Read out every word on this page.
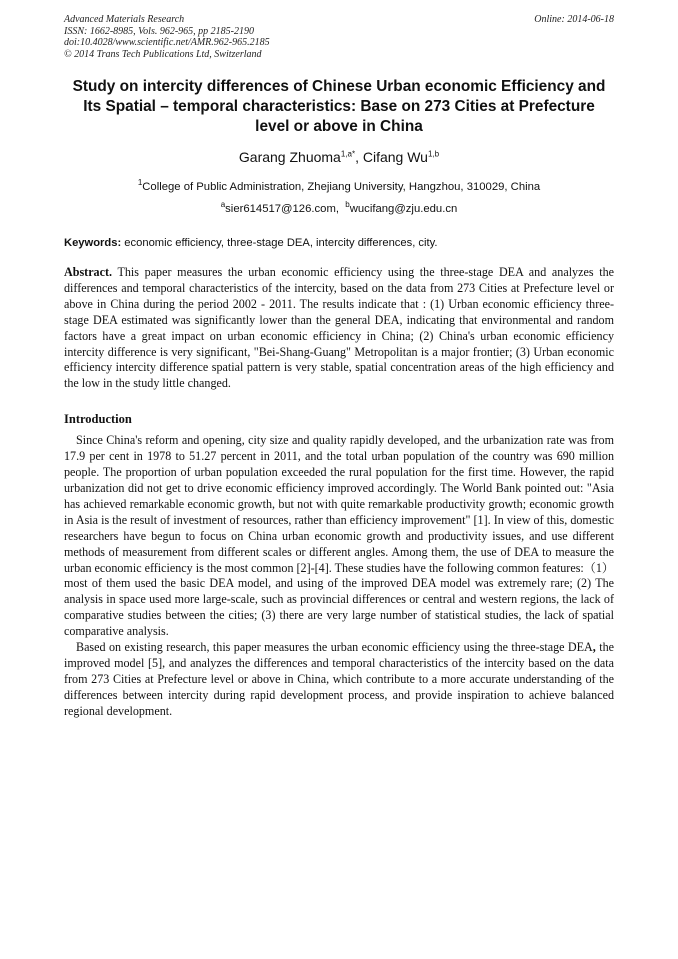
Advanced Materials Research
ISSN: 1662-8985, Vols. 962-965, pp 2185-2190
doi:10.4028/www.scientific.net/AMR.962-965.2185
© 2014 Trans Tech Publications Ltd, Switzerland
Online: 2014-06-18
Study on intercity differences of Chinese Urban economic Efficiency and Its Spatial – temporal characteristics: Base on 273 Cities at Prefecture level or above in China
Garang Zhuoma$^{1,a*}$, Cifang Wu$^{1,b}$
$^1$College of Public Administration, Zhejiang University, Hangzhou, 310029, China
$^a$sier614517@126.com, $^b$wucifang@zju.edu.cn
Keywords: economic efficiency, three-stage DEA, intercity differences, city.
Abstract. This paper measures the urban economic efficiency using the three-stage DEA and analyzes the differences and temporal characteristics of the intercity, based on the data from 273 Cities at Prefecture level or above in China during the period 2002 - 2011. The results indicate that : (1) Urban economic efficiency three-stage DEA estimated was significantly lower than the general DEA, indicating that environmental and random factors have a great impact on urban economic efficiency in China; (2) China's urban economic efficiency intercity difference is very significant, "Bei-Shang-Guang" Metropolitan is a major frontier; (3) Urban economic efficiency intercity difference spatial pattern is very stable, spatial concentration areas of the high efficiency and the low in the study little changed.
Introduction
Since China's reform and opening, city size and quality rapidly developed, and the urbanization rate was from 17.9 per cent in 1978 to 51.27 percent in 2011, and the total urban population of the country was 690 million people. The proportion of urban population exceeded the rural population for the first time. However, the rapid urbanization did not get to drive economic efficiency improved accordingly. The World Bank pointed out: "Asia has achieved remarkable economic growth, but not with quite remarkable productivity growth; economic growth in Asia is the result of investment of resources, rather than efficiency improvement" [1]. In view of this, domestic researchers have begun to focus on China urban economic growth and productivity issues, and use different methods of measurement from different scales or different angles. Among them, the use of DEA to measure the urban economic efficiency is the most common [2]-[4]. These studies have the following common features:（1）most of them used the basic DEA model, and using of the improved DEA model was extremely rare; (2) The analysis in space used more large-scale, such as provincial differences or central and western regions, the lack of comparative studies between the cities; (3) there are very large number of statistical studies, the lack of spatial comparative analysis.
Based on existing research, this paper measures the urban economic efficiency using the three-stage DEA, the improved model [5], and analyzes the differences and temporal characteristics of the intercity based on the data from 273 Cities at Prefecture level or above in China, which contribute to a more accurate understanding of the differences between intercity during rapid development process, and provide inspiration to achieve balanced regional development.
